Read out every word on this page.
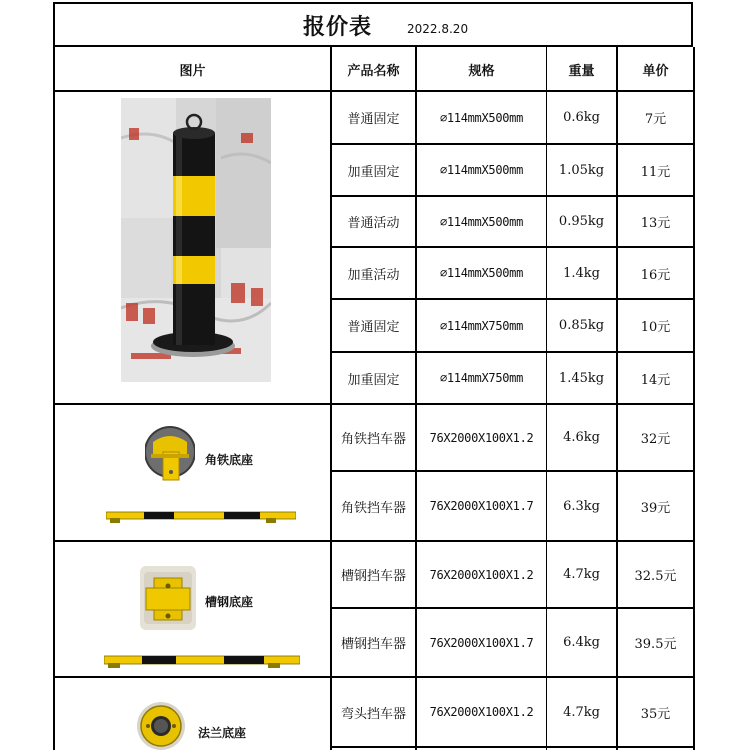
报价表	2022.8.20
图片	产品名称	规格	重量	单价
普通固定	⌀114mmX500mm	0.6kg	7元
加重固定	⌀114mmX500mm	1.05kg	11元
普通活动	⌀114mmX500mm	0.95kg	13元
加重活动	⌀114mmX500mm	1.4kg	16元
普通固定	⌀114mmX750mm	0.85kg	10元
加重固定	⌀114mmX750mm	1.45kg	14元
角铁挡车器	76X2000X100X1.2	4.6kg	32元
角铁挡车器	76X2000X100X1.7	6.3kg	39元
槽钢挡车器	76X2000X100X1.2	4.7kg	32.5元
槽钢挡车器	76X2000X100X1.7	6.4kg	39.5元
弯头挡车器	76X2000X100X1.2	4.7kg	35元
角铁底座
槽钢底座
法兰底座
